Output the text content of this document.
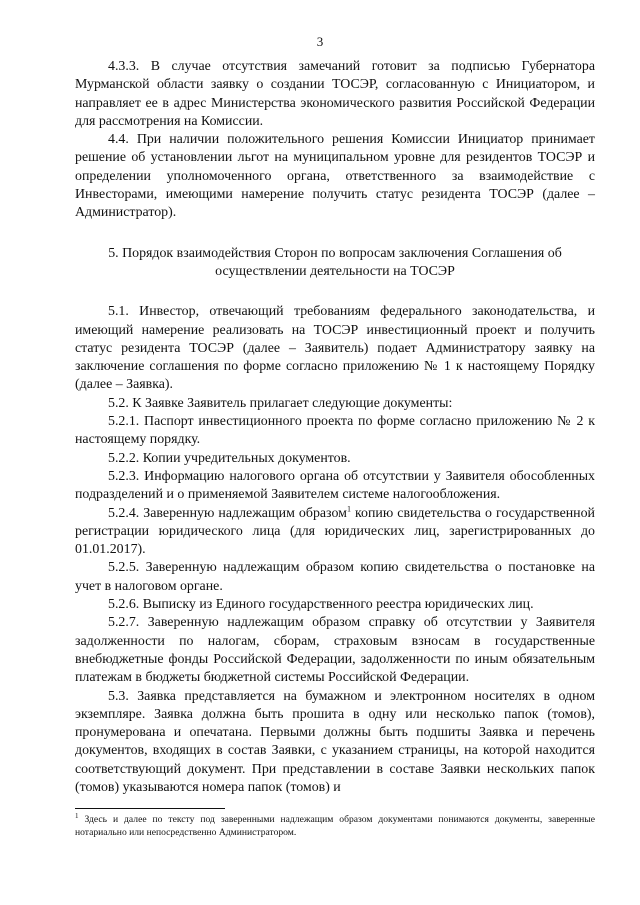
3

4.3.3. В случае отсутствия замечаний готовит за подписью Губернатора Мурманской области заявку о создании ТОСЭР, согласованную с Инициатором, и направляет ее в адрес Министерства экономического развития Российской Федерации для рассмотрения на Комиссии.

4.4. При наличии положительного решения Комиссии Инициатор принимает решение об установлении льгот на муниципальном уровне для резидентов ТОСЭР и определении уполномоченного органа, ответственного за взаимодействие с Инвесторами, имеющими намерение получить статус резидента ТОСЭР (далее – Администратор).

5. Порядок взаимодействия Сторон по вопросам заключения Соглашения об осуществлении деятельности на ТОСЭР

5.1. Инвестор, отвечающий требованиям федерального законодательства, и имеющий намерение реализовать на ТОСЭР инвестиционный проект и получить статус резидента ТОСЭР (далее – Заявитель) подает Администратору заявку на заключение соглашения по форме согласно приложению № 1 к настоящему Порядку (далее – Заявка).

5.2. К Заявке Заявитель прилагает следующие документы:

5.2.1. Паспорт инвестиционного проекта по форме согласно приложению № 2 к настоящему порядку.

5.2.2. Копии учредительных документов.

5.2.3. Информацию налогового органа об отсутствии у Заявителя обособленных подразделений и о применяемой Заявителем системе налогообложения.

5.2.4. Заверенную надлежащим образом$^1$ копию свидетельства о государственной регистрации юридического лица (для юридических лиц, зарегистрированных до 01.01.2017).

5.2.5. Заверенную надлежащим образом копию свидетельства о постановке на учет в налоговом органе.

5.2.6. Выписку из Единого государственного реестра юридических лиц.

5.2.7. Заверенную надлежащим образом справку об отсутствии у Заявителя задолженности по налогам, сборам, страховым взносам в государственные внебюджетные фонды Российской Федерации, задолженности по иным обязательным платежам в бюджеты бюджетной системы Российской Федерации.

5.3. Заявка представляется на бумажном и электронном носителях в одном экземпляре. Заявка должна быть прошита в одну или несколько папок (томов), пронумерована и опечатана. Первыми должны быть подшиты Заявка и перечень документов, входящих в состав Заявки, с указанием страницы, на которой находится соответствующий документ. При представлении в составе Заявки нескольких папок (томов) указываются номера папок (томов) и

$^1$ Здесь и далее по тексту под заверенными надлежащим образом документами понимаются документы, заверенные нотариально или непосредственно Администратором.
